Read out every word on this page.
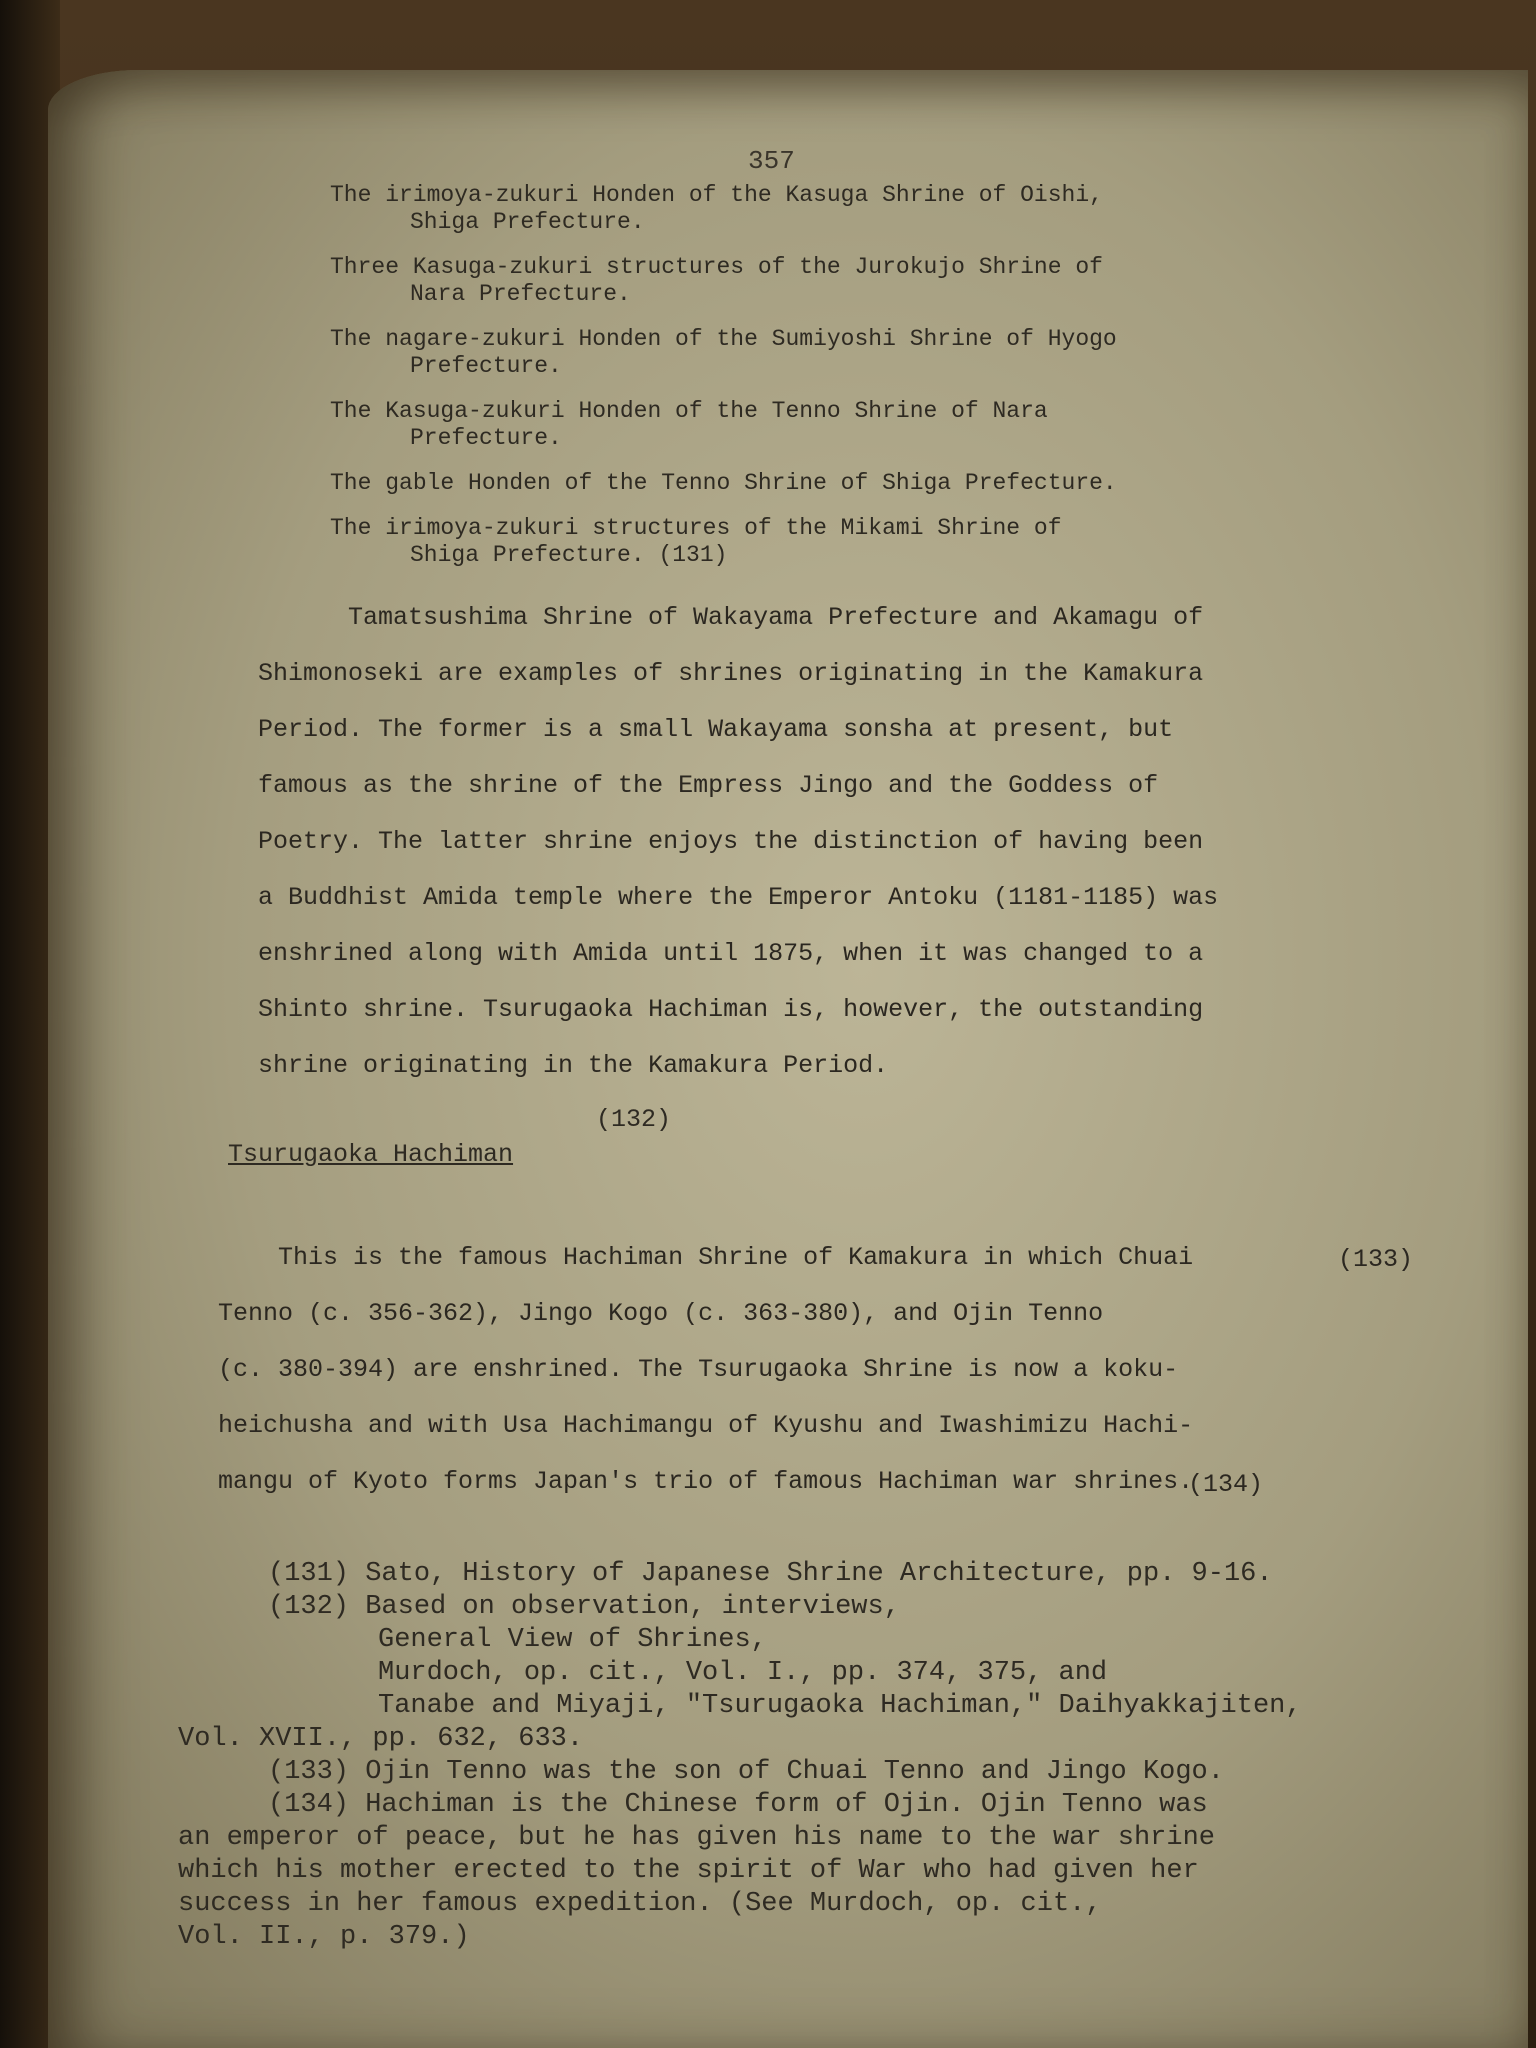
357
The irimoya-zukuri Honden of the Kasuga Shrine of Oishi,
Shiga Prefecture.
Three Kasuga-zukuri structures of the Jurokujo Shrine of
Nara Prefecture.
The nagare-zukuri Honden of the Sumiyoshi Shrine of Hyogo
Prefecture.
The Kasuga-zukuri Honden of the Tenno Shrine of Nara
Prefecture.
The gable Honden of the Tenno Shrine of Shiga Prefecture.
The irimoya-zukuri structures of the Mikami Shrine of
Shiga Prefecture. (131)
Tamatsushima Shrine of Wakayama Prefecture and Akamagu of
Shimonoseki are examples of shrines originating in the Kamakura
Period. The former is a small Wakayama sonsha at present, but
famous as the shrine of the Empress Jingo and the Goddess of
Poetry. The latter shrine enjoys the distinction of having been
a Buddhist Amida temple where the Emperor Antoku (1181-1185) was
enshrined along with Amida until 1875, when it was changed to a
Shinto shrine. Tsurugaoka Hachiman is, however, the outstanding
shrine originating in the Kamakura Period.
(132)
Tsurugaoka Hachiman
This is the famous Hachiman Shrine of Kamakura in which Chuai
Tenno (c. 356-362), Jingo Kogo (c. 363-380), and Ojin Tenno
(c. 380-394) are enshrined. The Tsurugaoka Shrine is now a koku-
heichusha and with Usa Hachimangu of Kyushu and Iwashimizu Hachi-
mangu of Kyoto forms Japan's trio of famous Hachiman war shrines.
(133)
(134)
(131) Sato, History of Japanese Shrine Architecture, pp. 9-16.
(132) Based on observation, interviews,
General View of Shrines,
Murdoch, op. cit., Vol. I., pp. 374, 375, and
Tanabe and Miyaji, "Tsurugaoka Hachiman," Daihyakkajiten,
Vol. XVII., pp. 632, 633.
(133) Ojin Tenno was the son of Chuai Tenno and Jingo Kogo.
(134) Hachiman is the Chinese form of Ojin. Ojin Tenno was
an emperor of peace, but he has given his name to the war shrine
which his mother erected to the spirit of War who had given her
success in her famous expedition. (See Murdoch, op. cit.,
Vol. II., p. 379.)
